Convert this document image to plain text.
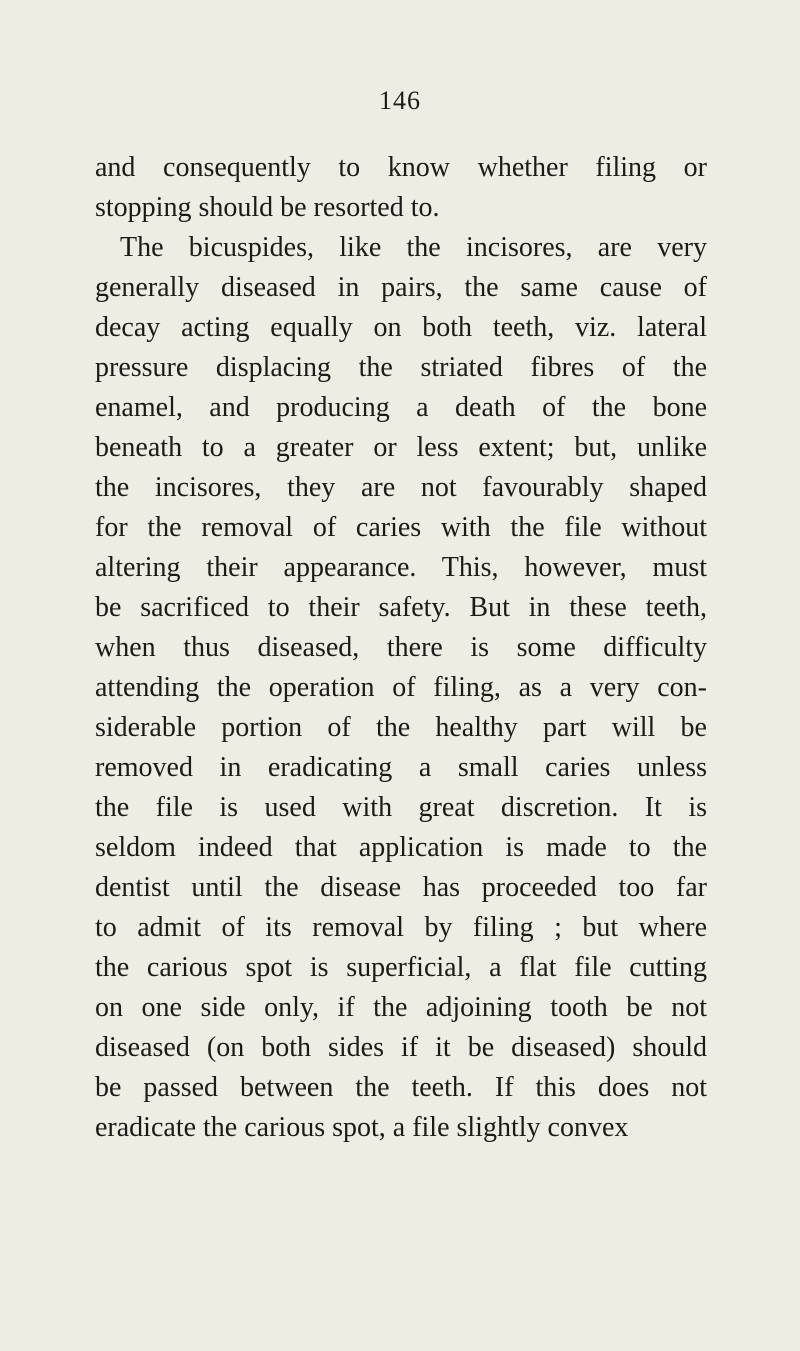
146
and consequently to know whether filing or
stopping should be resorted to.
The bicuspides, like the incisores, are very
generally diseased in pairs, the same cause of
decay acting equally on both teeth, viz. lateral
pressure displacing the striated fibres of the
enamel, and producing a death of the bone
beneath to a greater or less extent; but, unlike
the incisores, they are not favourably shaped
for the removal of caries with the file without
altering their appearance. This, however, must
be sacrificed to their safety. But in these teeth,
when thus diseased, there is some difficulty
attending the operation of filing, as a very con-
siderable portion of the healthy part will be
removed in eradicating a small caries unless
the file is used with great discretion. It is
seldom indeed that application is made to the
dentist until the disease has proceeded too far
to admit of its removal by filing ; but where
the carious spot is superficial, a flat file cutting
on one side only, if the adjoining tooth be not
diseased (on both sides if it be diseased) should
be passed between the teeth. If this does not
eradicate the carious spot, a file slightly convex
